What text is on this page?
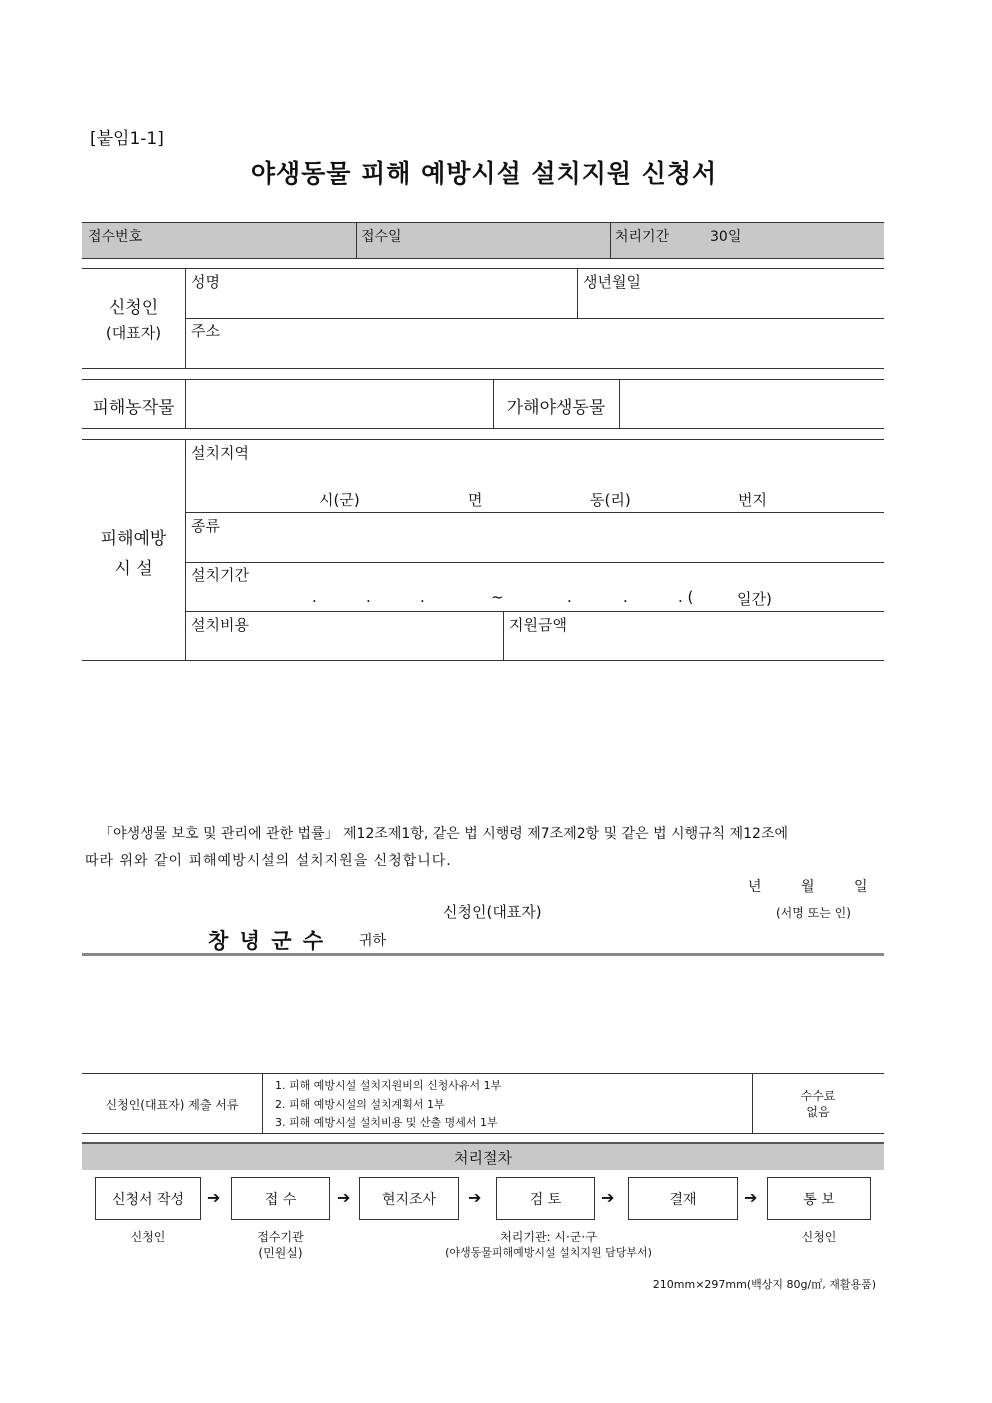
[붙임1-1]
야생동물 피해 예방시설 설치지원 신청서
접수번호	접수일	처리기간	30일
신청인
(대표자)
성명	생년월일
주소
피해농작물	가해야생동물
피해예방
시 설
설치지역
시(군)	면	동(리)	번지
종류
설치기간
.	.	.	~	.	.	. (	일간)
설치비용	지원금액
「야생생물 보호 및 관리에 관한 법률」 제12조제1항, 같은 법 시행령 제7조제2항 및 같은 법 시행규칙 제12조에
따라 위와 같이 피해예방시설의 설치지원을 신청합니다.
년	월	일
신청인(대표자)	(서명 또는 인)
창 녕 군 수 귀하
신청인(대표자) 제출 서류
1. 피해 예방시설 설치지원비의 신청사유서 1부
2. 피해 예방시설의 설치계획서 1부
3. 피해 예방시설 설치비용 및 산출 명세서 1부
수수료
없음
처리절차
신청서 작성	➔	접 수	➔	현지조사	➔	검 토	➔	결재	➔	통 보
신청인	접수기관
(민원실)
처리기관: 시·군·구
(야생동물피해예방시설 설치지원 담당부서)
신청인
210mm×297mm(백상지 80g/㎡, 재활용품)
